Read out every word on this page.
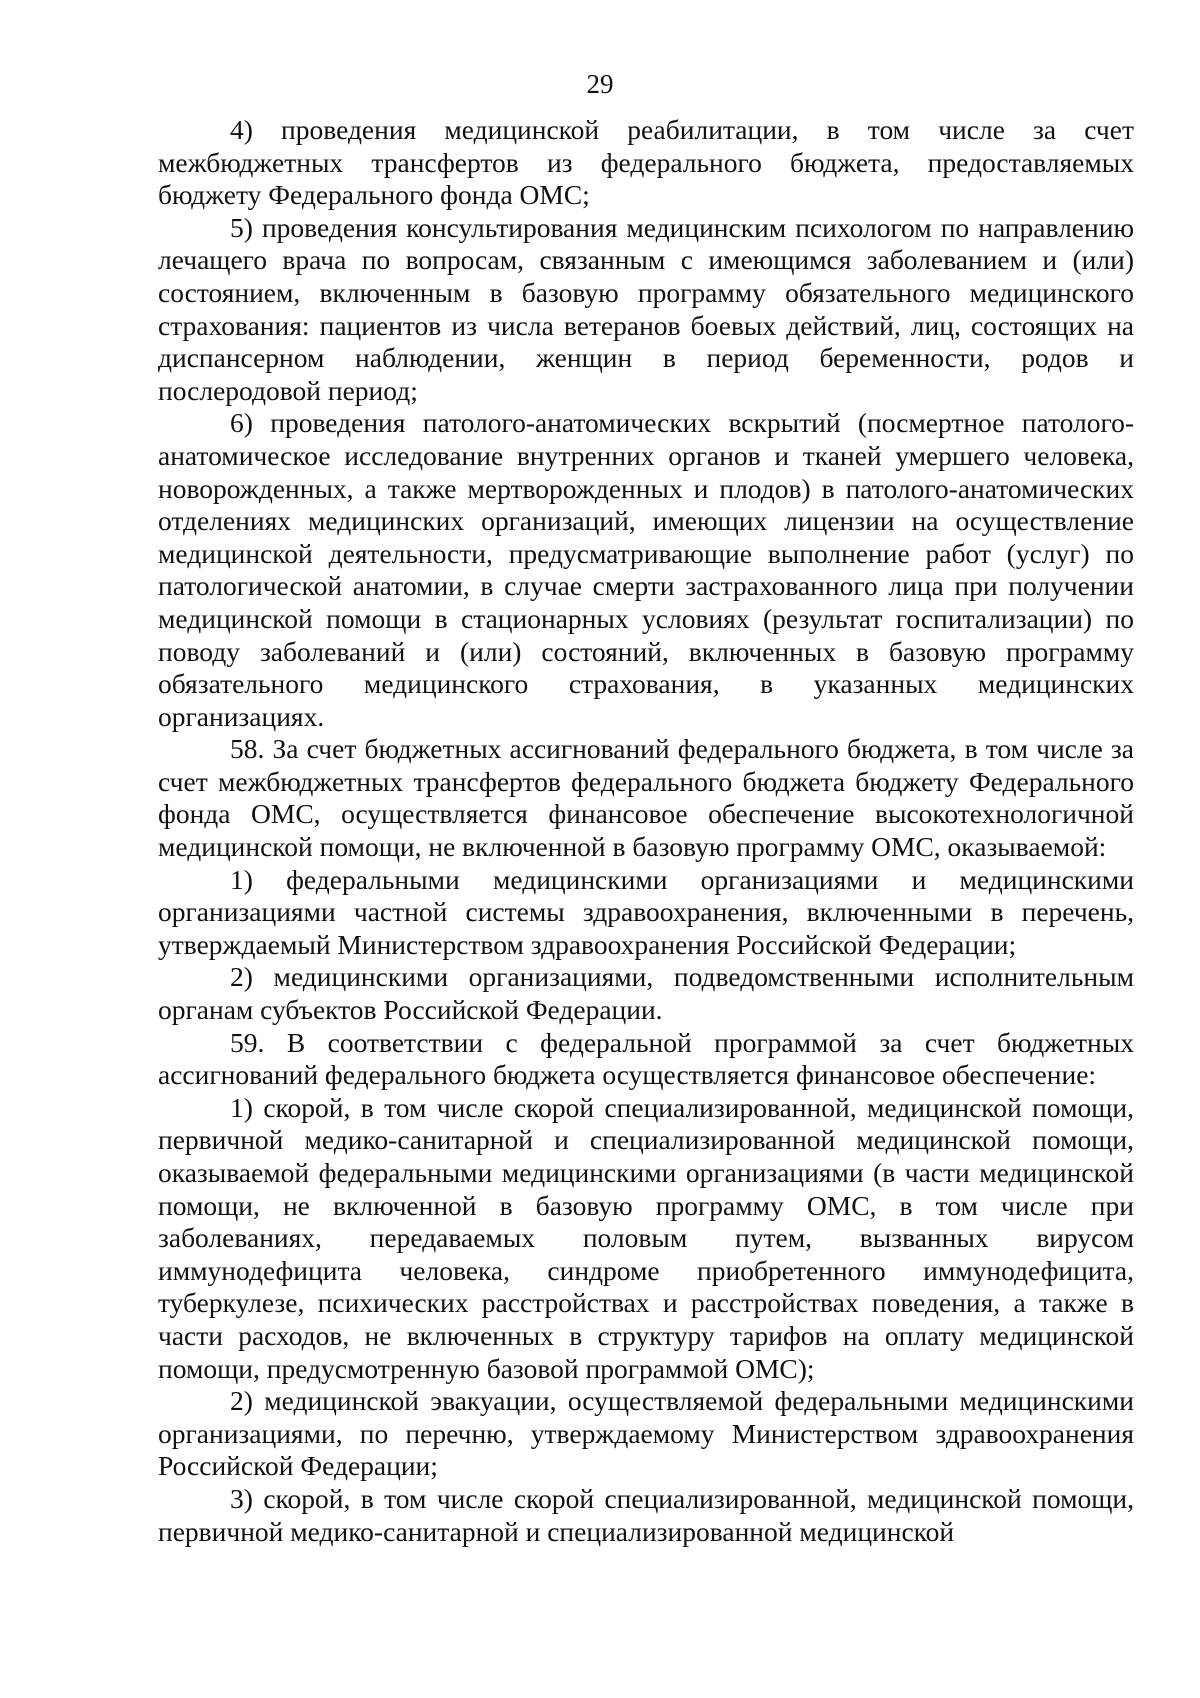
29

4) проведения медицинской реабилитации, в том числе за счет межбюджетных трансфертов из федерального бюджета, предоставляемых бюджету Федерального фонда ОМС;

5) проведения консультирования медицинским психологом по направлению лечащего врача по вопросам, связанным с имеющимся заболеванием и (или) состоянием, включенным в базовую программу обязательного медицинского страхования: пациентов из числа ветеранов боевых действий, лиц, состоящих на диспансерном наблюдении, женщин в период беременности, родов и послеродовой период;

6) проведения патолого-анатомических вскрытий (посмертное патолого-анатомическое исследование внутренних органов и тканей умершего человека, новорожденных, а также мертворожденных и плодов) в патолого-анатомических отделениях медицинских организаций, имеющих лицензии на осуществление медицинской деятельности, предусматривающие выполнение работ (услуг) по патологической анатомии, в случае смерти застрахованного лица при получении медицинской помощи в стационарных условиях (результат госпитализации) по поводу заболеваний и (или) состояний, включенных в базовую программу обязательного медицинского страхования, в указанных медицинских организациях.

58. За счет бюджетных ассигнований федерального бюджета, в том числе за счет межбюджетных трансфертов федерального бюджета бюджету Федерального фонда ОМС, осуществляется финансовое обеспечение высокотехнологичной медицинской помощи, не включенной в базовую программу ОМС, оказываемой:

1) федеральными медицинскими организациями и медицинскими организациями частной системы здравоохранения, включенными в перечень, утверждаемый Министерством здравоохранения Российской Федерации;

2) медицинскими организациями, подведомственными исполнительным органам субъектов Российской Федерации.

59. В соответствии с федеральной программой за счет бюджетных ассигнований федерального бюджета осуществляется финансовое обеспечение:

1) скорой, в том числе скорой специализированной, медицинской помощи, первичной медико-санитарной и специализированной медицинской помощи, оказываемой федеральными медицинскими организациями (в части медицинской помощи, не включенной в базовую программу ОМС, в том числе при заболеваниях, передаваемых половым путем, вызванных вирусом иммунодефицита человека, синдроме приобретенного иммунодефицита, туберкулезе, психических расстройствах и расстройствах поведения, а также в части расходов, не включенных в структуру тарифов на оплату медицинской помощи, предусмотренную базовой программой ОМС);

2) медицинской эвакуации, осуществляемой федеральными медицинскими организациями, по перечню, утверждаемому Министерством здравоохранения Российской Федерации;

3) скорой, в том числе скорой специализированной, медицинской помощи, первичной медико-санитарной и специализированной медицинской
